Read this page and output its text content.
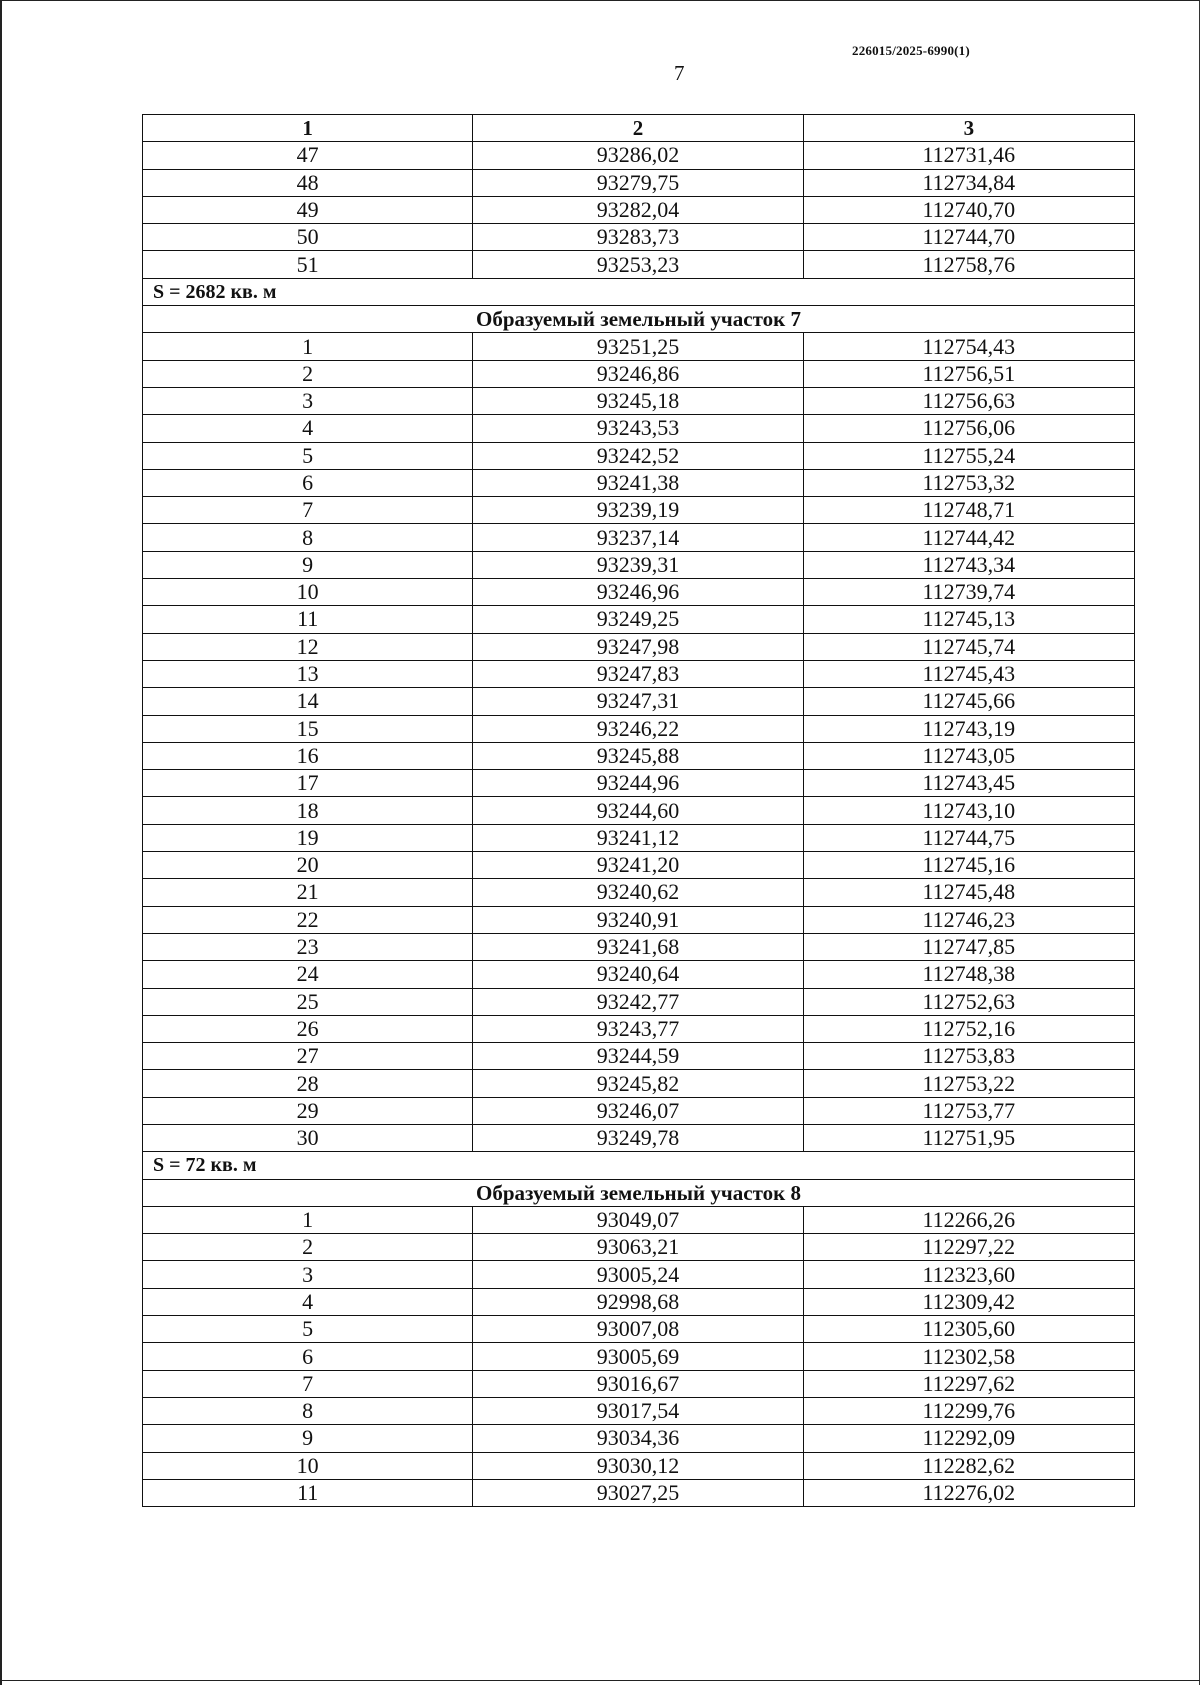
226015/2025-6990(1)
7
1	2	3
47	93286,02	112731,46
48	93279,75	112734,84
49	93282,04	112740,70
50	93283,73	112744,70
51	93253,23	112758,76
S = 2682 кв. м		
Образуемый земельный участок 7		
1	93251,25	112754,43
2	93246,86	112756,51
3	93245,18	112756,63
4	93243,53	112756,06
5	93242,52	112755,24
6	93241,38	112753,32
7	93239,19	112748,71
8	93237,14	112744,42
9	93239,31	112743,34
10	93246,96	112739,74
11	93249,25	112745,13
12	93247,98	112745,74
13	93247,83	112745,43
14	93247,31	112745,66
15	93246,22	112743,19
16	93245,88	112743,05
17	93244,96	112743,45
18	93244,60	112743,10
19	93241,12	112744,75
20	93241,20	112745,16
21	93240,62	112745,48
22	93240,91	112746,23
23	93241,68	112747,85
24	93240,64	112748,38
25	93242,77	112752,63
26	93243,77	112752,16
27	93244,59	112753,83
28	93245,82	112753,22
29	93246,07	112753,77
30	93249,78	112751,95
S = 72 кв. м		
Образуемый земельный участок 8		
1	93049,07	112266,26
2	93063,21	112297,22
3	93005,24	112323,60
4	92998,68	112309,42
5	93007,08	112305,60
6	93005,69	112302,58
7	93016,67	112297,62
8	93017,54	112299,76
9	93034,36	112292,09
10	93030,12	112282,62
11	93027,25	112276,02
